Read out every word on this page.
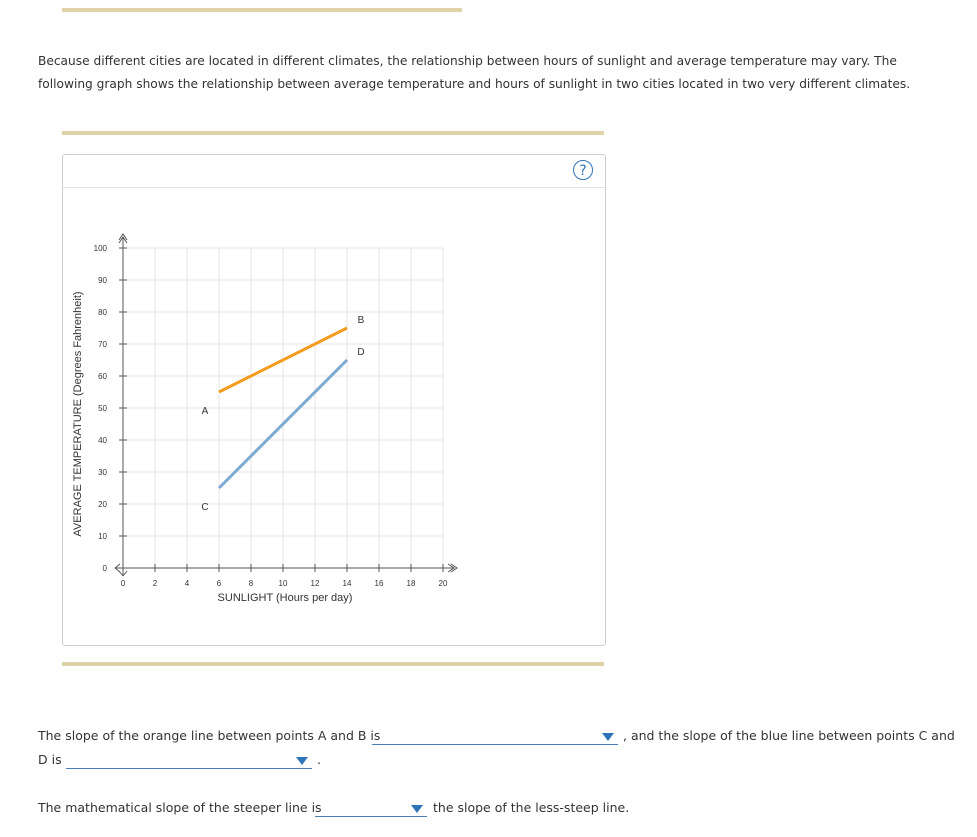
Because different cities are located in different climates, the relationship between hours of sunlight and average temperature may vary. The following graph shows the relationship between average temperature and hours of sunlight in two cities located in two very different climates.
?
0	2	4	6	8	10	12	14	16	18	20
0
10
20
30
40
50
60
70
80
90
100
SUNLIGHT (Hours per day)
AVERAGE TEMPERATURE (Degrees Fahrenheit)	A
B
C
D
The slope of the orange line between points A and B is	, and the slope of the blue line between points C and
D is	.
The mathematical slope of the steeper line is	the slope of the less-steep line.
